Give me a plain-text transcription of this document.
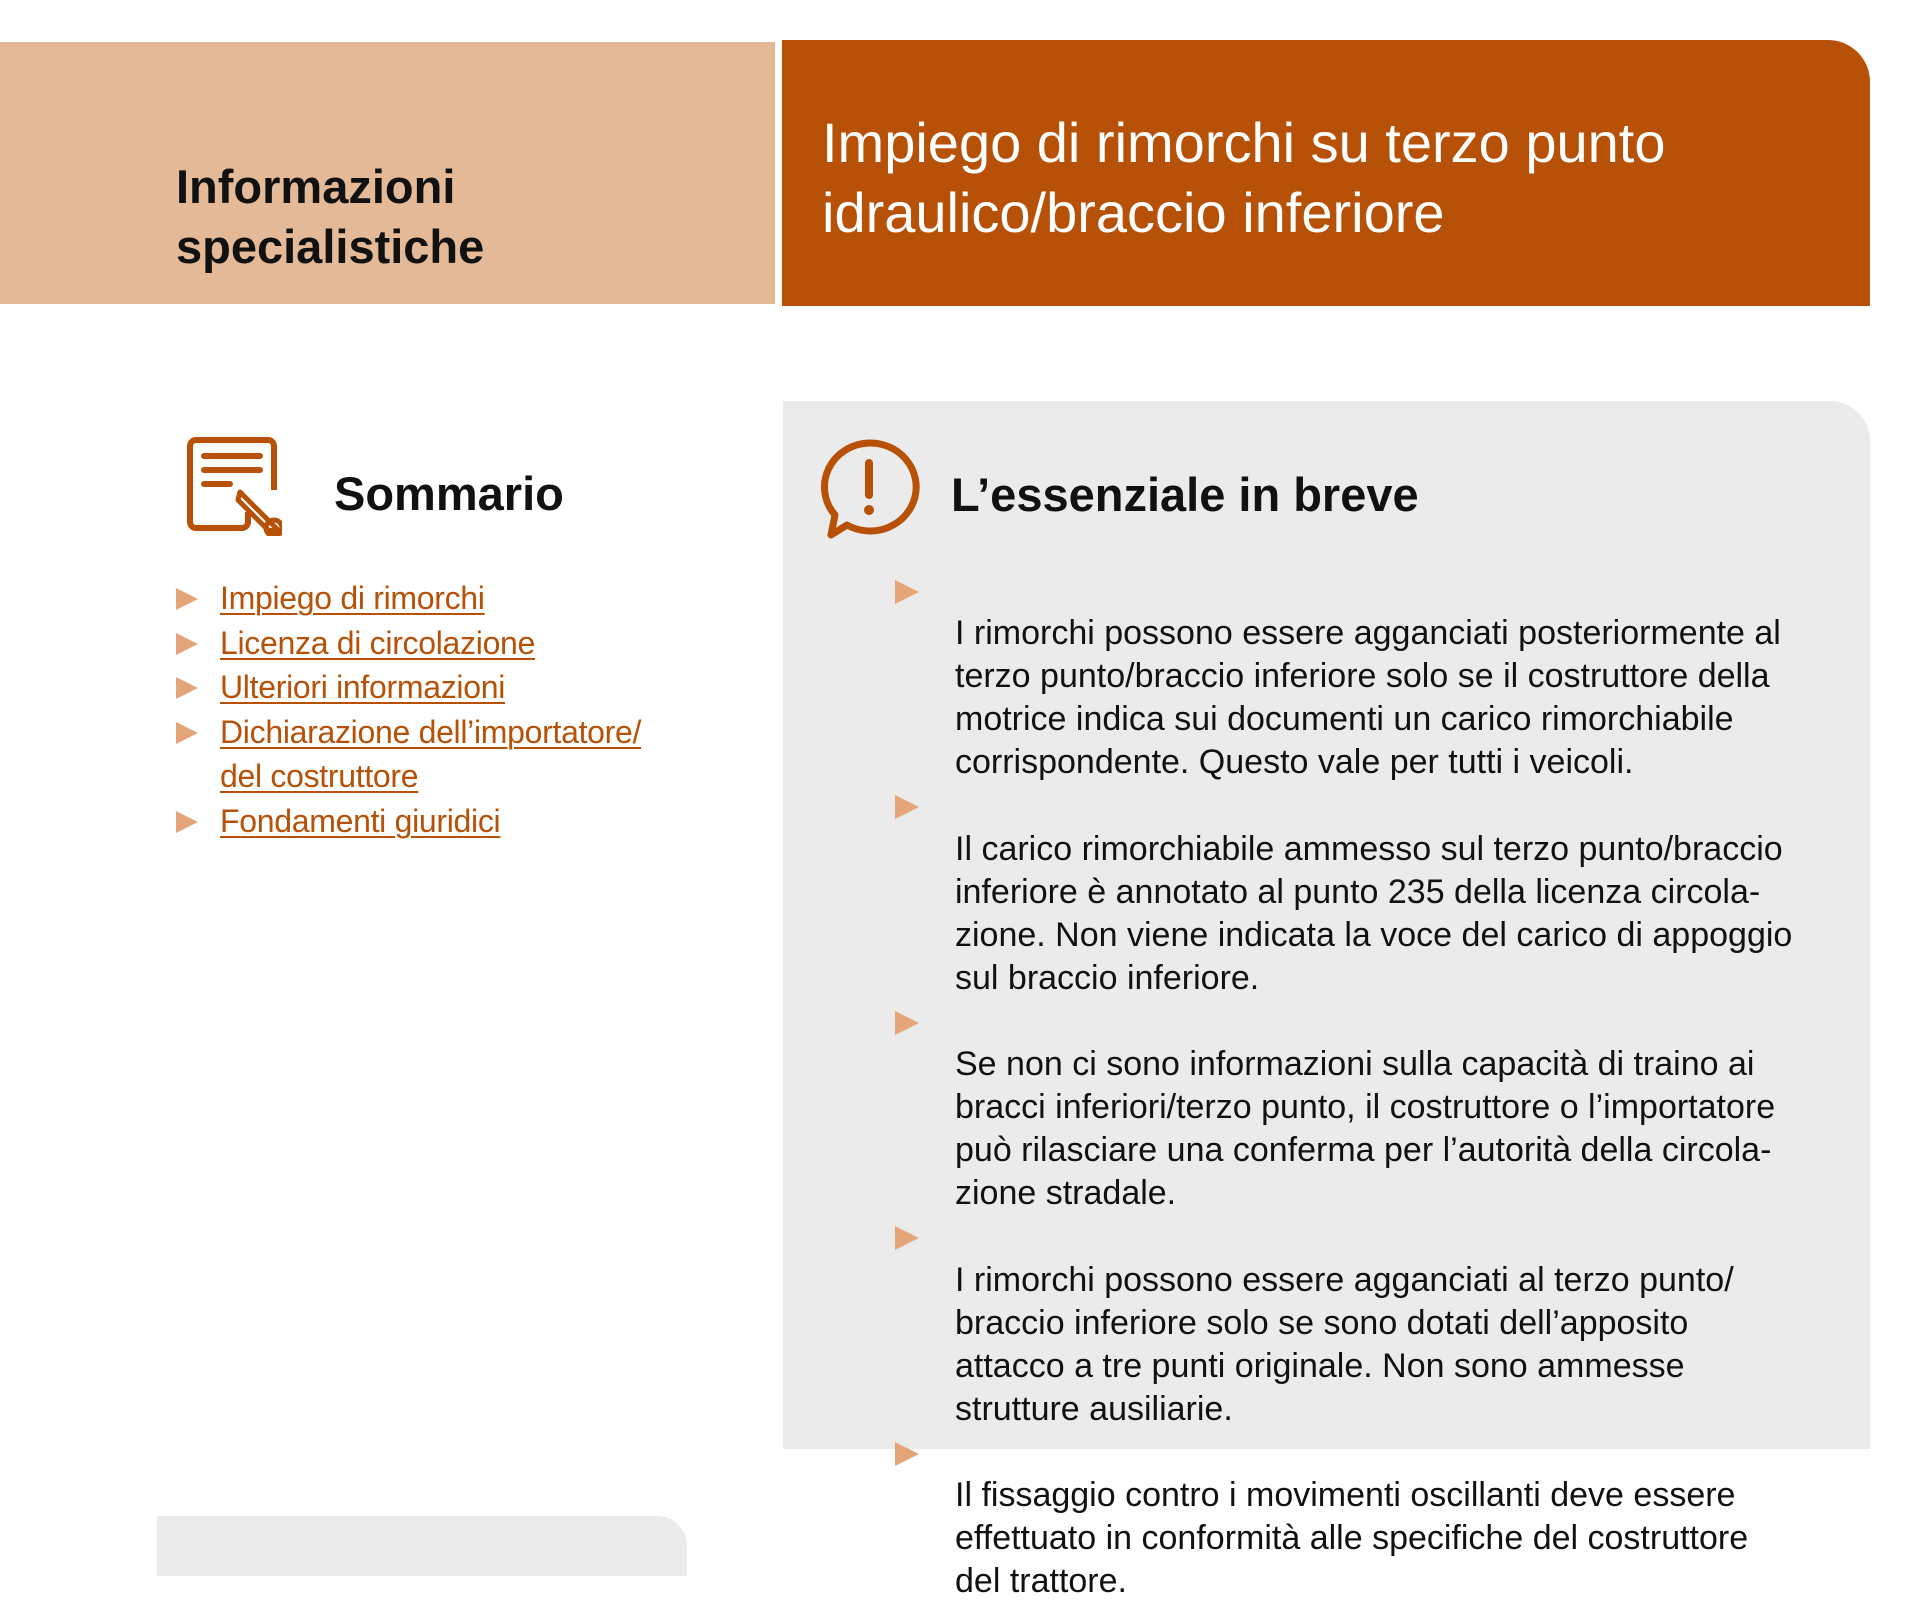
Informazioni
specialistiche
Impiego di rimorchi su terzo punto
idraulico/braccio inferiore
Sommario
Impiego di rimorchi
Licenza di circolazione
Ulteriori informazioni
Dichiarazione dell’importatore/
del costruttore
Fondamenti giuridici
L’essenziale in breve

I rimorchi possono essere agganciati posteriormente al
terzo punto/braccio inferiore solo se il costruttore della
motrice indica sui documenti un carico rimorchiabile
corrispondente. Questo vale per tutti i veicoli.

Il carico rimorchiabile ammesso sul terzo punto/braccio
inferiore è annotato al punto 235 della licenza circola-
zione. Non viene indicata la voce del carico di appoggio
sul braccio inferiore.

Se non ci sono informazioni sulla capacità di traino ai
bracci inferiori/terzo punto, il costruttore o l’importatore
può rilasciare una conferma per l’autorità della circola-
zione stradale.

I rimorchi possono essere agganciati al terzo punto/
braccio inferiore solo se sono dotati dell’apposito
attacco a tre punti originale. Non sono ammesse
strutture ausiliarie.

Il fissaggio contro i movimenti oscillanti deve essere
effettuato in conformità alle specifiche del costruttore
del trattore.
